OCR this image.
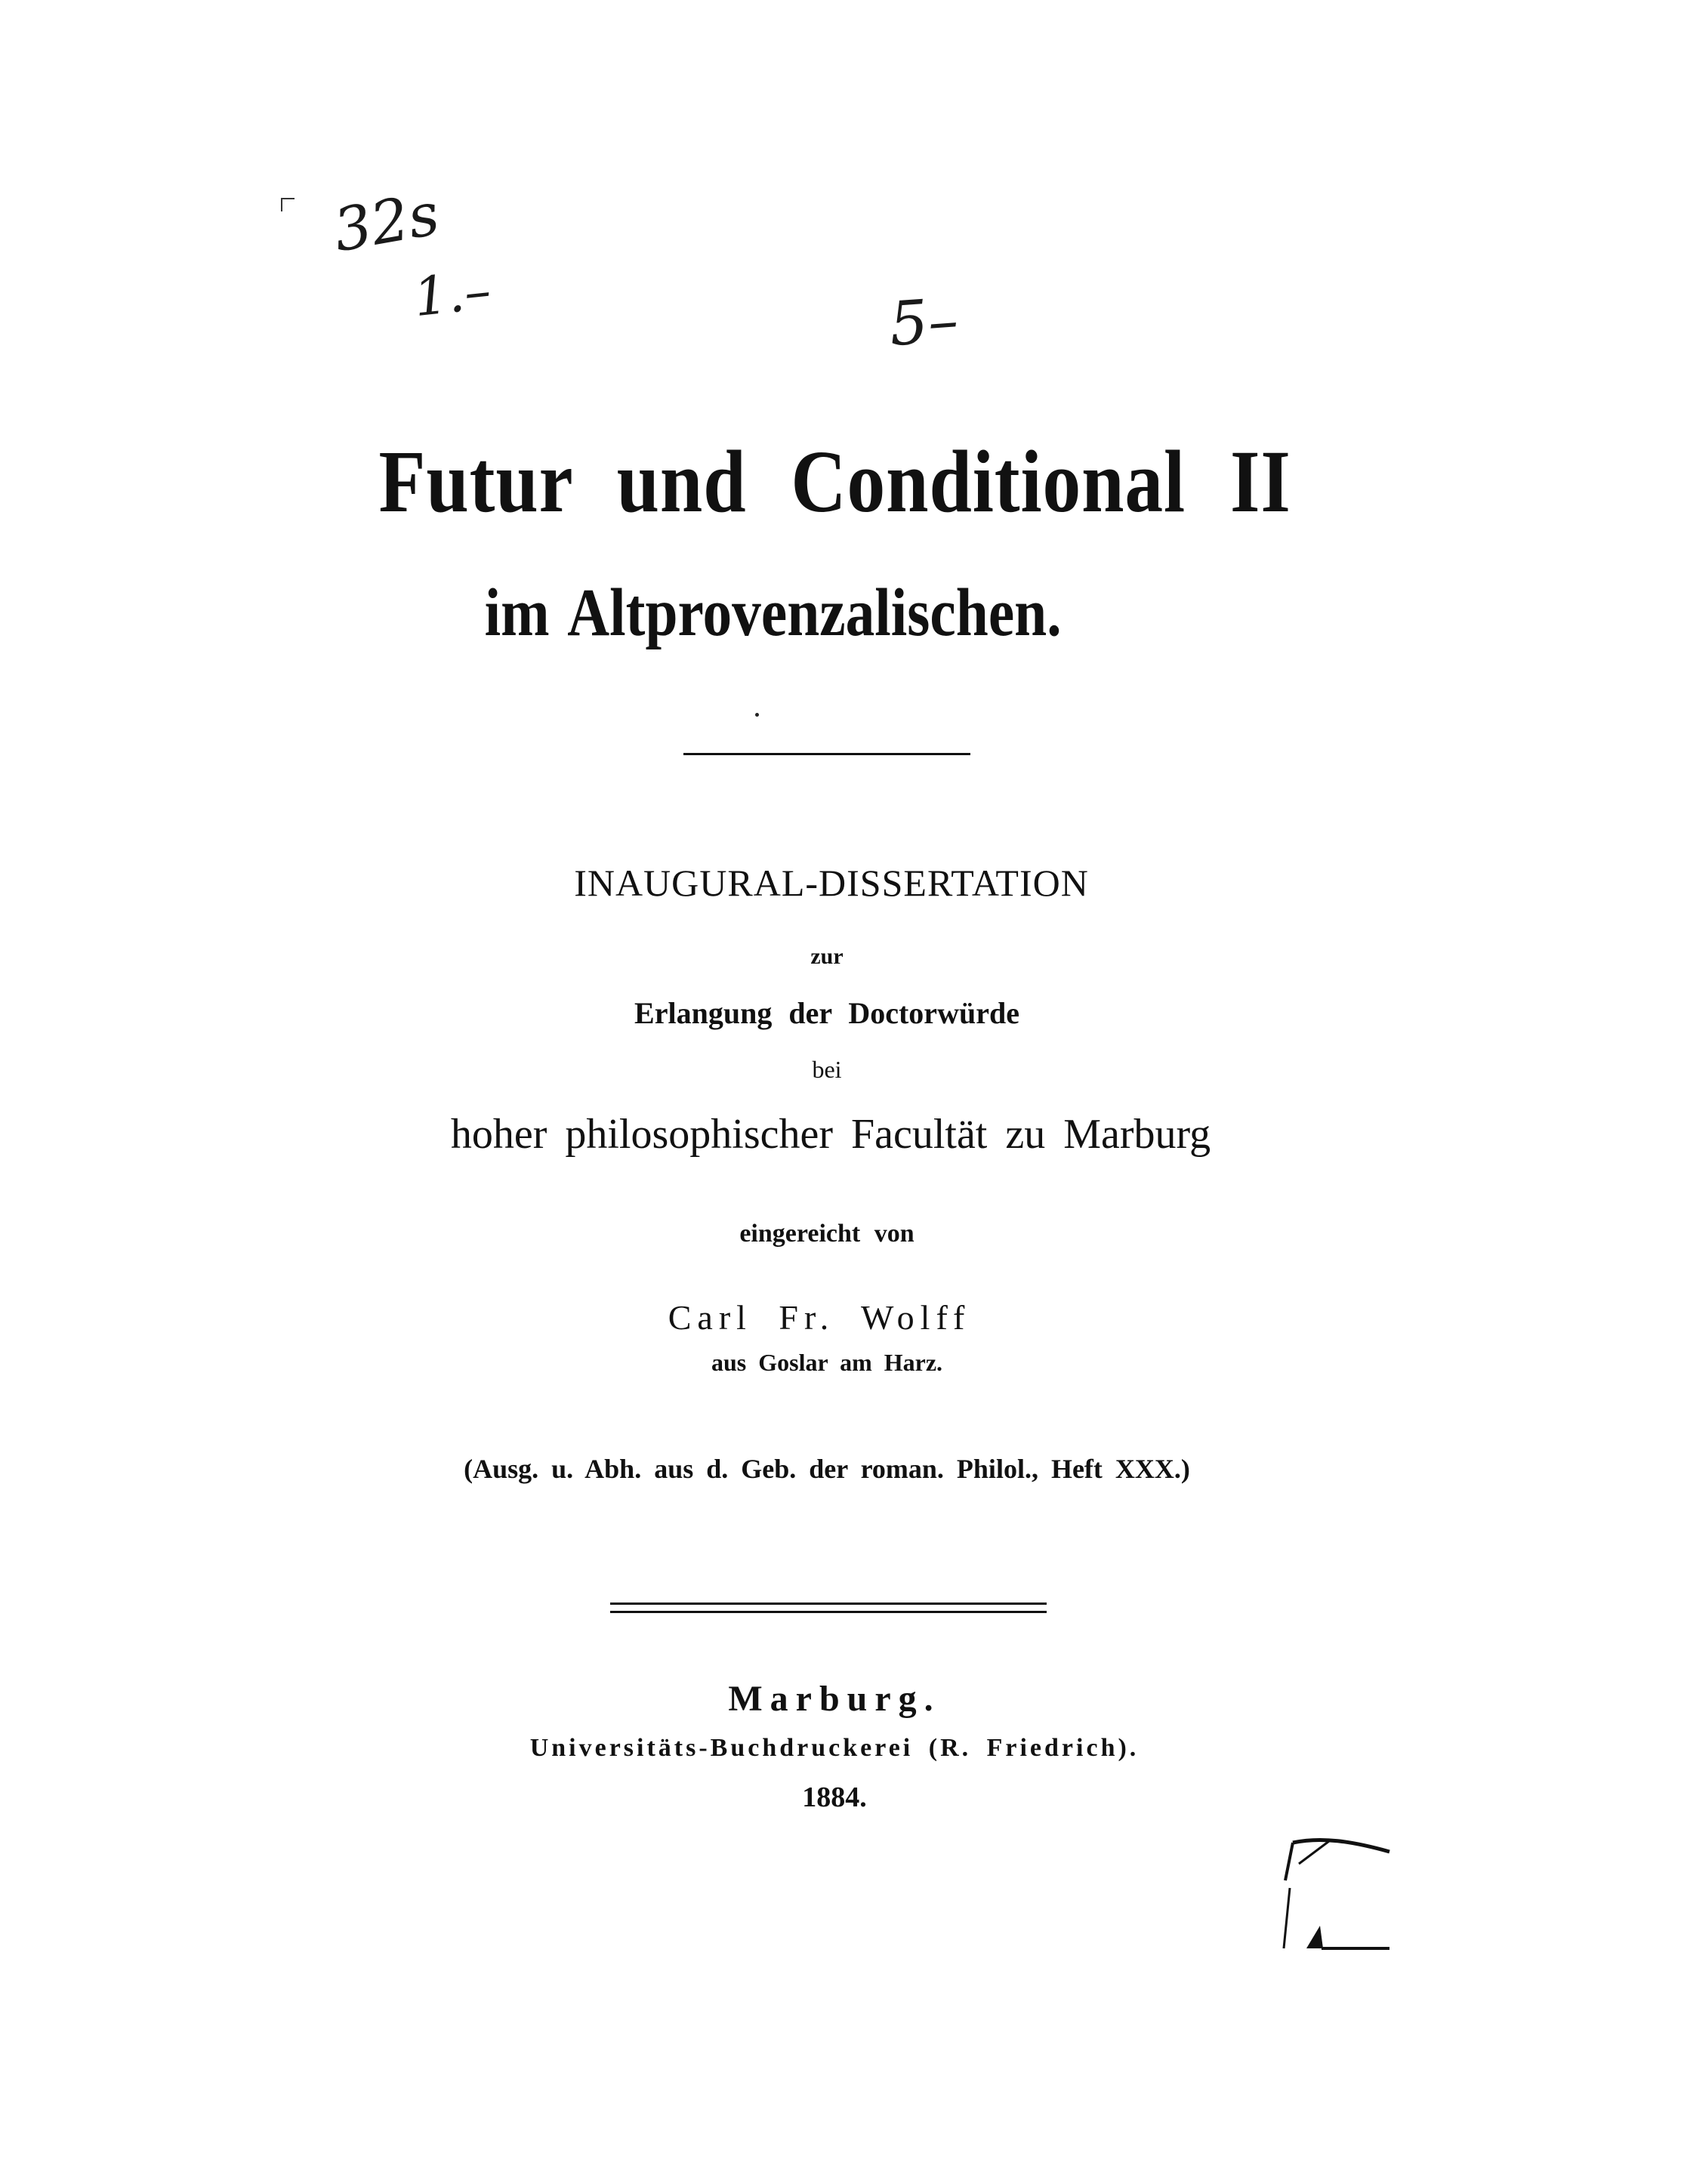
32s
1.–	5–
Futur und Conditional II
im Altprovenzalischen.
INAUGURAL-DISSERTATION
zur
Erlangung der Doctorwürde
bei
hoher philosophischer Facultät zu Marburg
eingereicht von
Carl Fr. Wolff
aus Goslar am Harz.
(Ausg. u. Abh. aus d. Geb. der roman. Philol., Heft XXX.)
Marburg.
Universitäts-Buchdruckerei (R. Friedrich).
1884.
